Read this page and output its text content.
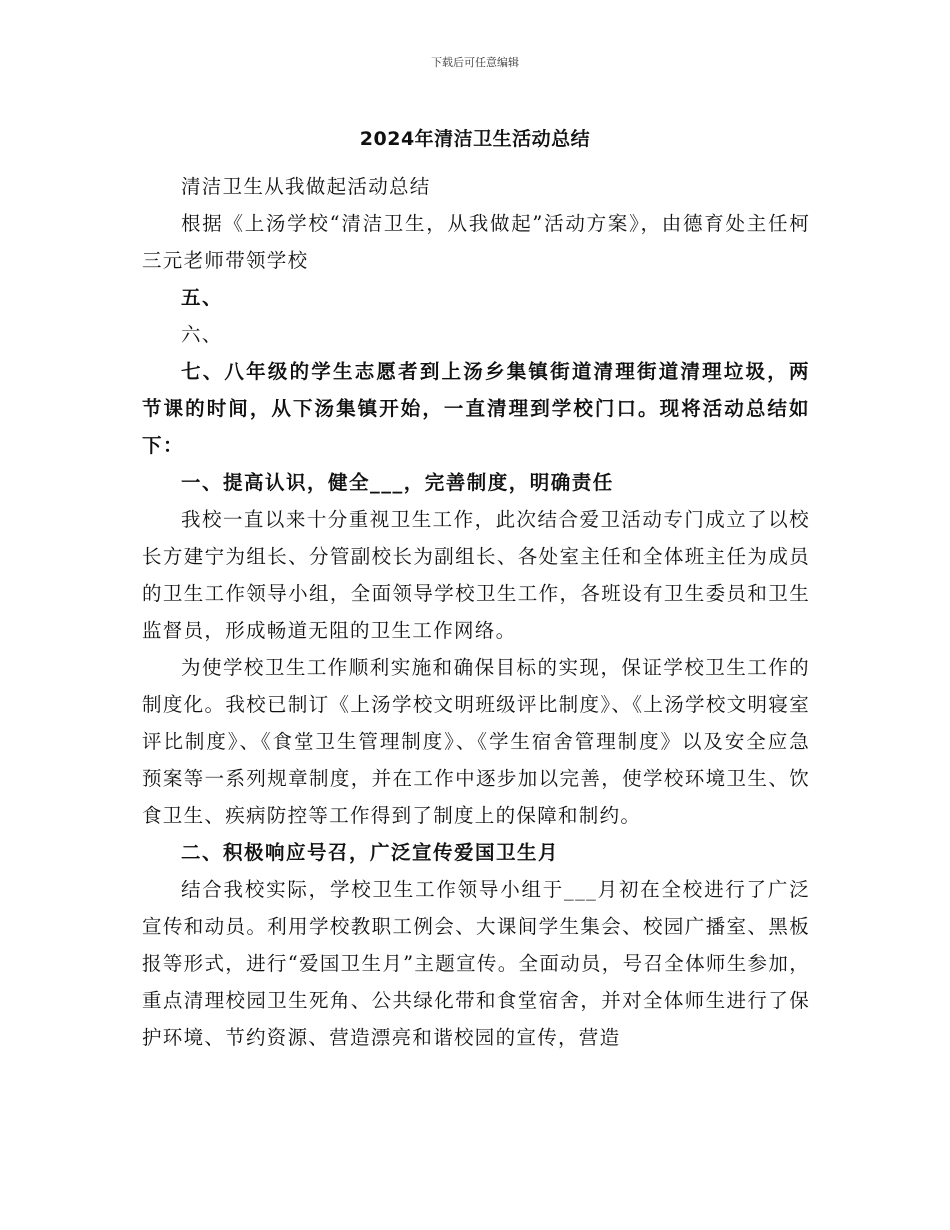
下载后可任意编辑
2024年清洁卫生活动总结

清洁卫生从我做起活动总结

根据《上汤学校“清洁卫生，从我做起”活动方案》，由德育处主任柯三元老师带领学校

五、

六、

七、八年级的学生志愿者到上汤乡集镇街道清理街道清理垃圾，两节课的时间，从下汤集镇开始，一直清理到学校门口。现将活动总结如下：

一、提高认识，健全___，完善制度，明确责任

我校一直以来十分重视卫生工作，此次结合爱卫活动专门成立了以校长方建宁为组长、分管副校长为副组长、各处室主任和全体班主任为成员的卫生工作领导小组，全面领导学校卫生工作，各班设有卫生委员和卫生监督员，形成畅道无阻的卫生工作网络。

为使学校卫生工作顺利实施和确保目标的实现，保证学校卫生工作的制度化。我校已制订《上汤学校文明班级评比制度》、《上汤学校文明寝室评比制度》、《食堂卫生管理制度》、《学生宿舍管理制度》以及安全应急预案等一系列规章制度，并在工作中逐步加以完善，使学校环境卫生、饮食卫生、疾病防控等工作得到了制度上的保障和制约。

二、积极响应号召，广泛宣传爱国卫生月

结合我校实际，学校卫生工作领导小组于___月初在全校进行了广泛宣传和动员。利用学校教职工例会、大课间学生集会、校园广播室、黑板报等形式，进行“爱国卫生月”主题宣传。全面动员，号召全体师生参加，重点清理校园卫生死角、公共绿化带和食堂宿舍，并对全体师生进行了保护环境、节约资源、营造漂亮和谐校园的宣传，营造
